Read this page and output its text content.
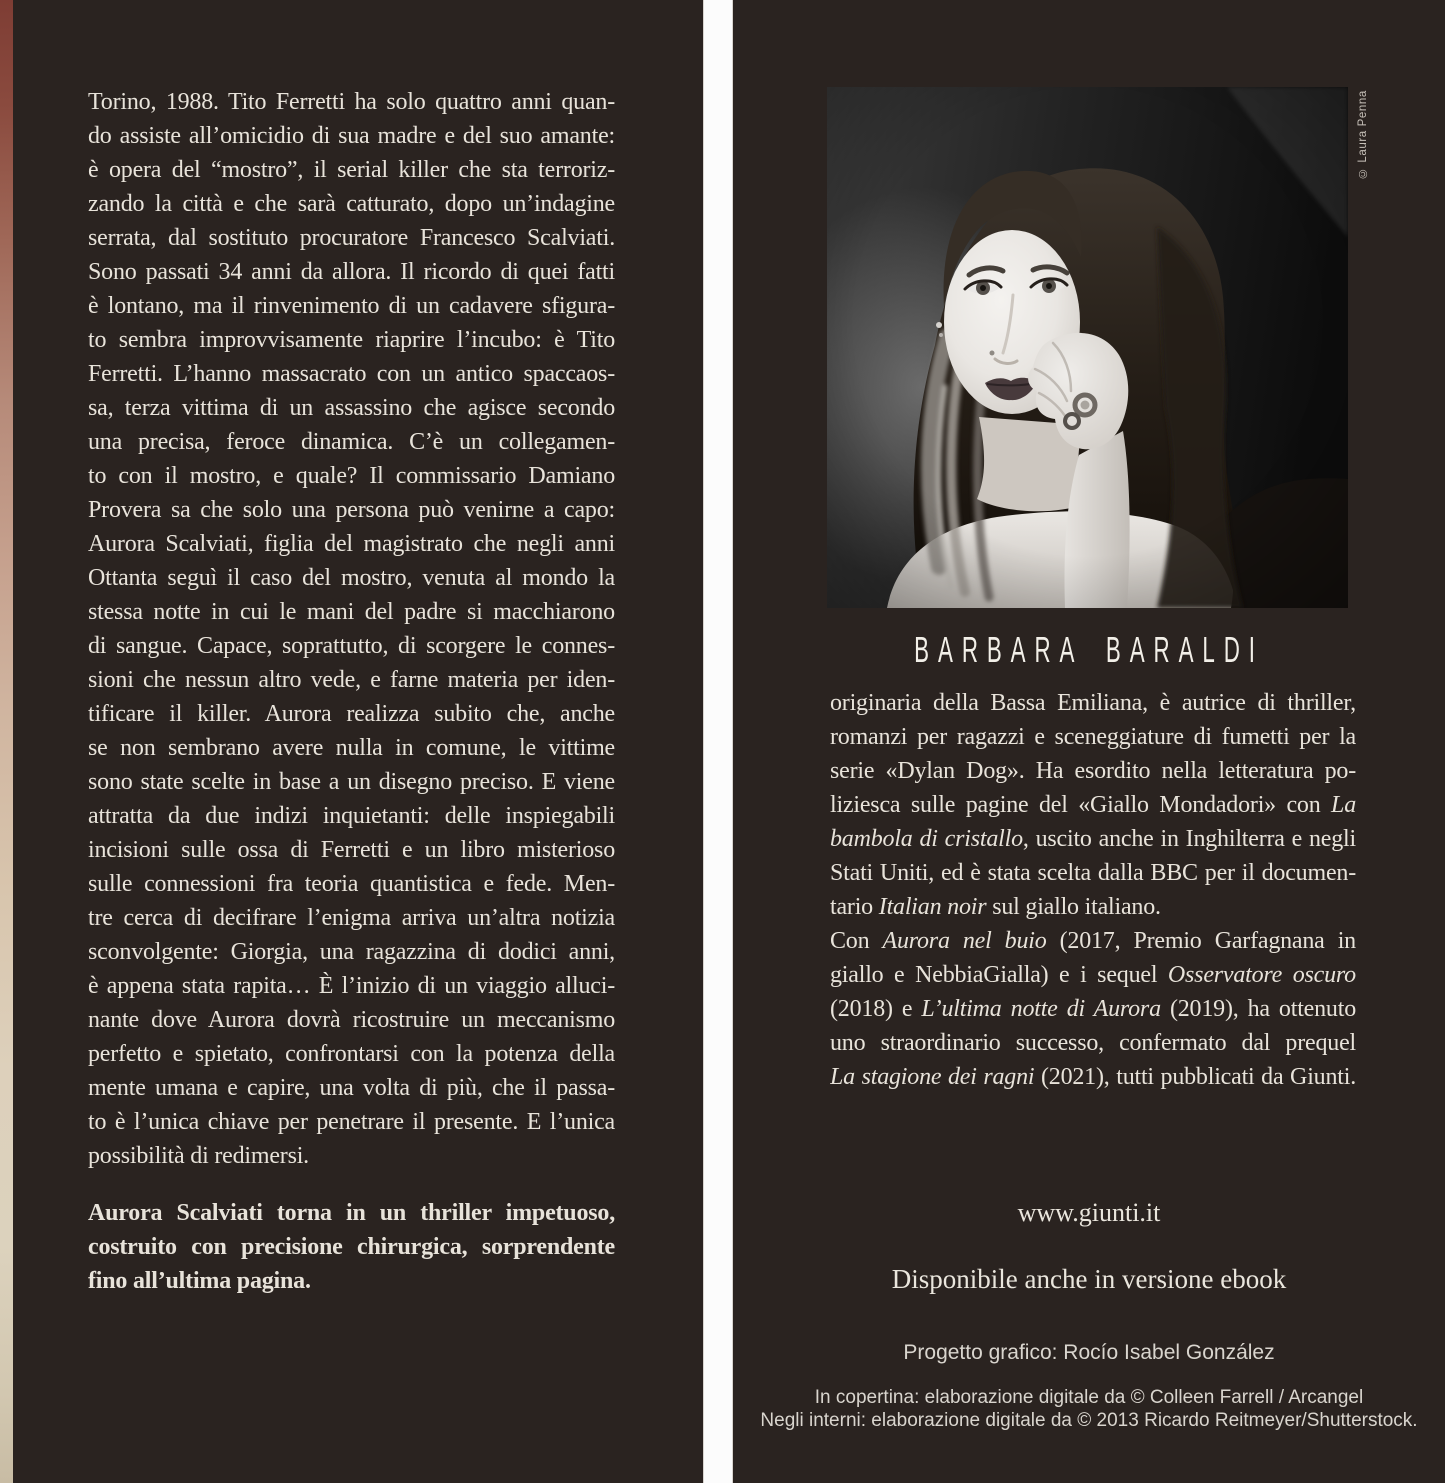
Torino, 1988. Tito Ferretti ha solo quattro anni quan-
do assiste all’omicidio di sua madre e del suo amante:
è opera del “mostro”, il serial killer che sta terroriz-
zando la città e che sarà catturato, dopo un’indagine
serrata, dal sostituto procuratore Francesco Scalviati.
Sono passati 34 anni da allora. Il ricordo di quei fatti
è lontano, ma il rinvenimento di un cadavere sfigura-
to sembra improvvisamente riaprire l’incubo: è Tito
Ferretti. L’hanno massacrato con un antico spaccaos-
sa, terza vittima di un assassino che agisce secondo
una precisa, feroce dinamica. C’è un collegamen-
to con il mostro, e quale? Il commissario Damiano
Provera sa che solo una persona può venirne a capo:
Aurora Scalviati, figlia del magistrato che negli anni
Ottanta seguì il caso del mostro, venuta al mondo la
stessa notte in cui le mani del padre si macchiarono
di sangue. Capace, soprattutto, di scorgere le connes-
sioni che nessun altro vede, e farne materia per iden-
tificare il killer. Aurora realizza subito che, anche
se non sembrano avere nulla in comune, le vittime
sono state scelte in base a un disegno preciso. E viene
attratta da due indizi inquietanti: delle inspiegabili
incisioni sulle ossa di Ferretti e un libro misterioso
sulle connessioni fra teoria quantistica e fede. Men-
tre cerca di decifrare l’enigma arriva un’altra notizia
sconvolgente: Giorgia, una ragazzina di dodici anni,
è appena stata rapita… È l’inizio di un viaggio alluci-
nante dove Aurora dovrà ricostruire un meccanismo
perfetto e spietato, confrontarsi con la potenza della
mente umana e capire, una volta di più, che il passa-
to è l’unica chiave per penetrare il presente. E l’unica
possibilità di redimersi.
Aurora Scalviati torna in un thriller impetuoso,
costruito con precisione chirurgica, sorprendente
fino all’ultima pagina.
© Laura Penna
BARBARA BARALDI
originaria della Bassa Emiliana, è autrice di thriller,
romanzi per ragazzi e sceneggiature di fumetti per la
serie «Dylan Dog». Ha esordito nella letteratura po-
liziesca sulle pagine del «Giallo Mondadori» con La
bambola di cristallo, uscito anche in Inghilterra e negli
Stati Uniti, ed è stata scelta dalla BBC per il documen-
tario Italian noir sul giallo italiano.
Con Aurora nel buio (2017, Premio Garfagnana in
giallo e NebbiaGialla) e i sequel Osservatore oscuro
(2018) e L’ultima notte di Aurora (2019), ha ottenuto
uno straordinario successo, confermato dal prequel
La stagione dei ragni (2021), tutti pubblicati da Giunti.
www.giunti.it
Disponibile anche in versione ebook
Progetto grafico: Rocío Isabel González
In copertina: elaborazione digitale da © Colleen Farrell / Arcangel
Negli interni: elaborazione digitale da © 2013 Ricardo Reitmeyer/Shutterstock.
